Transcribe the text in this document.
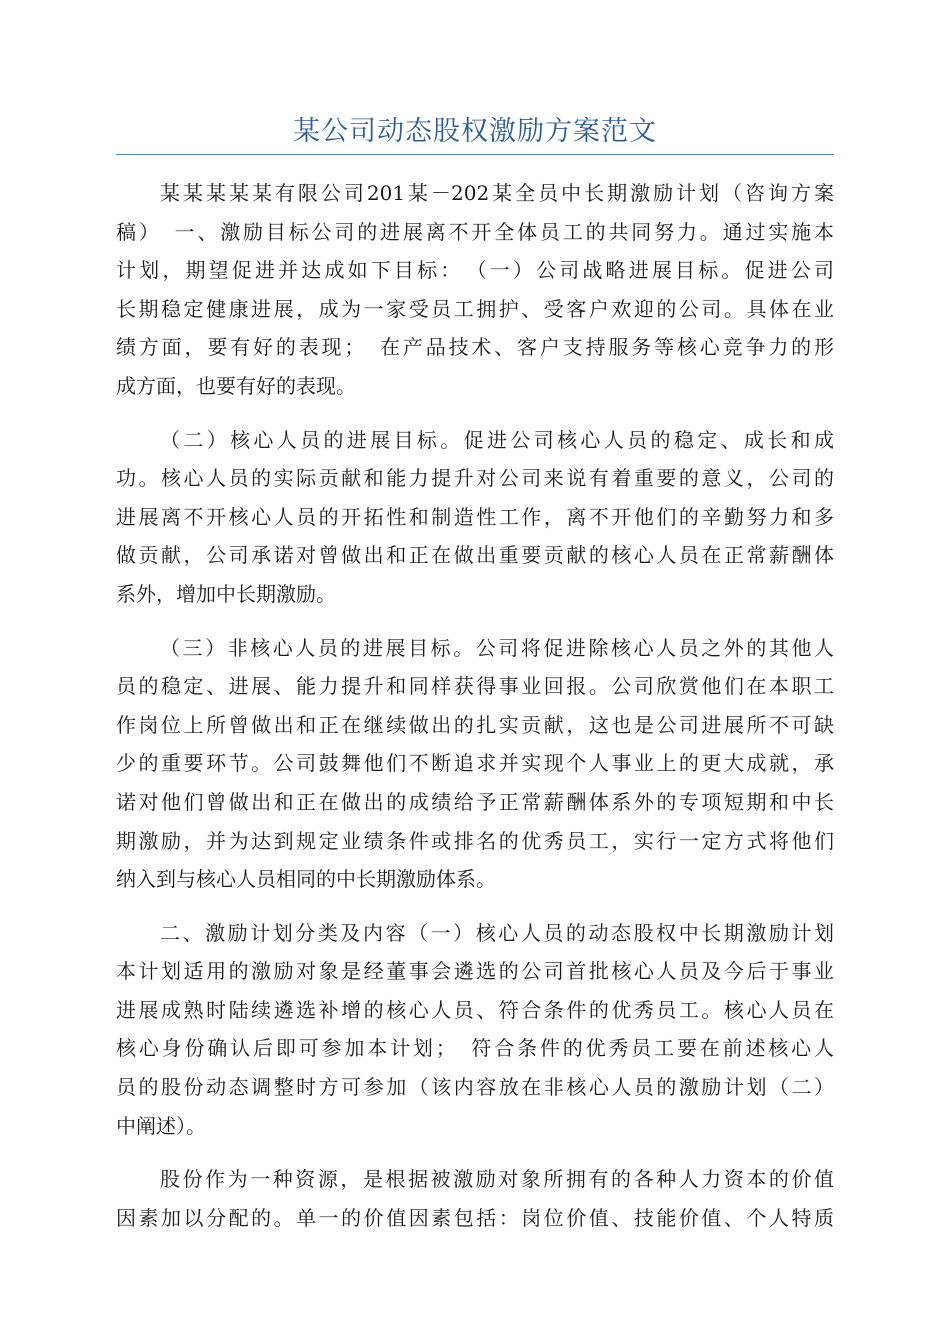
某公司动态股权激励方案范文
某某某某某有限公司201某－202某全员中长期激励计划（咨询方案
稿）　一、激励目标公司的进展离不开全体员工的共同努力。通过实施本
计划，期望促进并达成如下目标：　（一）公司战略进展目标。促进公司
长期稳定健康进展，成为一家受员工拥护、受客户欢迎的公司。具体在业
绩方面，要有好的表现；　在产品技术、客户支持服务等核心竞争力的形
成方面，也要有好的表现。
（二）核心人员的进展目标。促进公司核心人员的稳定、成长和成
功。核心人员的实际贡献和能力提升对公司来说有着重要的意义，公司的
进展离不开核心人员的开拓性和制造性工作，离不开他们的辛勤努力和多
做贡献，公司承诺对曾做出和正在做出重要贡献的核心人员在正常薪酬体
系外，增加中长期激励。
（三）非核心人员的进展目标。公司将促进除核心人员之外的其他人
员的稳定、进展、能力提升和同样获得事业回报。公司欣赏他们在本职工
作岗位上所曾做出和正在继续做出的扎实贡献，这也是公司进展所不可缺
少的重要环节。公司鼓舞他们不断追求并实现个人事业上的更大成就，承
诺对他们曾做出和正在做出的成绩给予正常薪酬体系外的专项短期和中长
期激励，并为达到规定业绩条件或排名的优秀员工，实行一定方式将他们
纳入到与核心人员相同的中长期激励体系。
二、激励计划分类及内容（一）核心人员的动态股权中长期激励计划
本计划适用的激励对象是经董事会遴选的公司首批核心人员及今后于事业
进展成熟时陆续遴选补增的核心人员、符合条件的优秀员工。核心人员在
核心身份确认后即可参加本计划；　符合条件的优秀员工要在前述核心人
员的股份动态调整时方可参加（该内容放在非核心人员的激励计划（二）
中阐述）。
股份作为一种资源，是根据被激励对象所拥有的各种人力资本的价值
因素加以分配的。单一的价值因素包括：岗位价值、技能价值、个人特质
